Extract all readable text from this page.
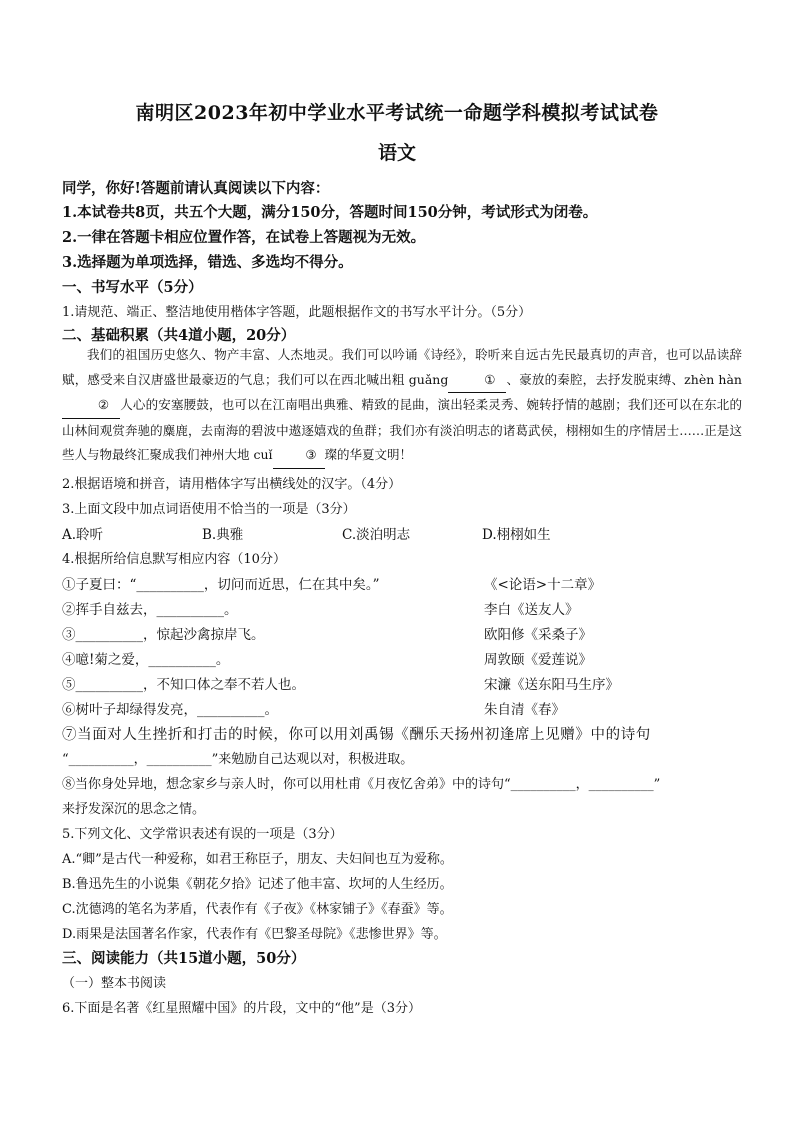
南明区2023年初中学业水平考试统一命题学科模拟考试试卷
语文
同学，你好!答题前请认真阅读以下内容：
1.本试卷共8页，共五个大题，满分150分，答题时间150分钟，考试形式为闭卷。
2.一律在答题卡相应位置作答，在试卷上答题视为无效。
3.选择题为单项选择，错选、多选均不得分。
一、书写水平（5分）
1.请规范、端正、整洁地使用楷体字答题，此题根据作文的书写水平计分。（5分）
二、基础积累（共4道小题，20分）
我们的祖国历史悠久、物产丰富、人杰地灵。我们可以吟诵《诗经》，聆听来自远古先民最真切的声音，也可以品读辞赋，感受来自汉唐盛世最豪迈的气息；我们可以在西北喊出粗 guǎng	① 、豪放的秦腔，去抒发脱束缚、zhèn hàn② 人心的安塞腰鼓，也可以在江南唱出典雅、精致的昆曲，演出轻柔灵秀、婉转抒情的越剧；我们还可以在东北的山林间观赏奔驰的麋鹿，去南海的碧波中遨逐嬉戏的鱼群；我们亦有淡泊明志的诸葛武侯，栩栩如生的序情居士……正是这些人与物最终汇聚成我们神州大地 cuǐ	③ 璨的华夏文明！
2.根据语境和拼音，请用楷体字写出横线处的汉字。（4分）
3.上面文段中加点词语使用不恰当的一项是（3分）
A.聆听	B.典雅	C.淡泊明志	D.栩栩如生
4.根据所给信息默写相应内容（10分）
①子夏曰：“__________，切问而近思，仁在其中矣。”	《<论语>十二章》
②挥手自兹去，__________。	李白《送友人》
③__________，惊起沙禽掠岸飞。	欧阳修《采桑子》
④噫!菊之爱，__________。	周敦颐《爱莲说》
⑤__________，不知口体之奉不若人也。	宋濂《送东阳马生序》
⑥树叶子却绿得发亮，__________。	朱自清《春》
⑦当面对人生挫折和打击的时候，你可以用刘禹锡《酬乐天扬州初逢席上见赠》中的诗句
“__________，__________”来勉励自己达观以对，积极进取。
⑧当你身处异地，想念家乡与亲人时，你可以用杜甫《月夜忆舍弟》中的诗句“__________，__________”
来抒发深沉的思念之情。
5.下列文化、文学常识表述有误的一项是（3分）
A.“卿”是古代一种爱称，如君王称臣子，朋友、夫妇间也互为爱称。
B.鲁迅先生的小说集《朝花夕拾》记述了他丰富、坎坷的人生经历。
C.沈德鸿的笔名为茅盾，代表作有《子夜》《林家铺子》《春蚕》等。
D.雨果是法国著名作家，代表作有《巴黎圣母院》《悲惨世界》等。
三、阅读能力（共15道小题，50分）
（一）整本书阅读
6.下面是名著《红星照耀中国》的片段，文中的“他”是（3分）
